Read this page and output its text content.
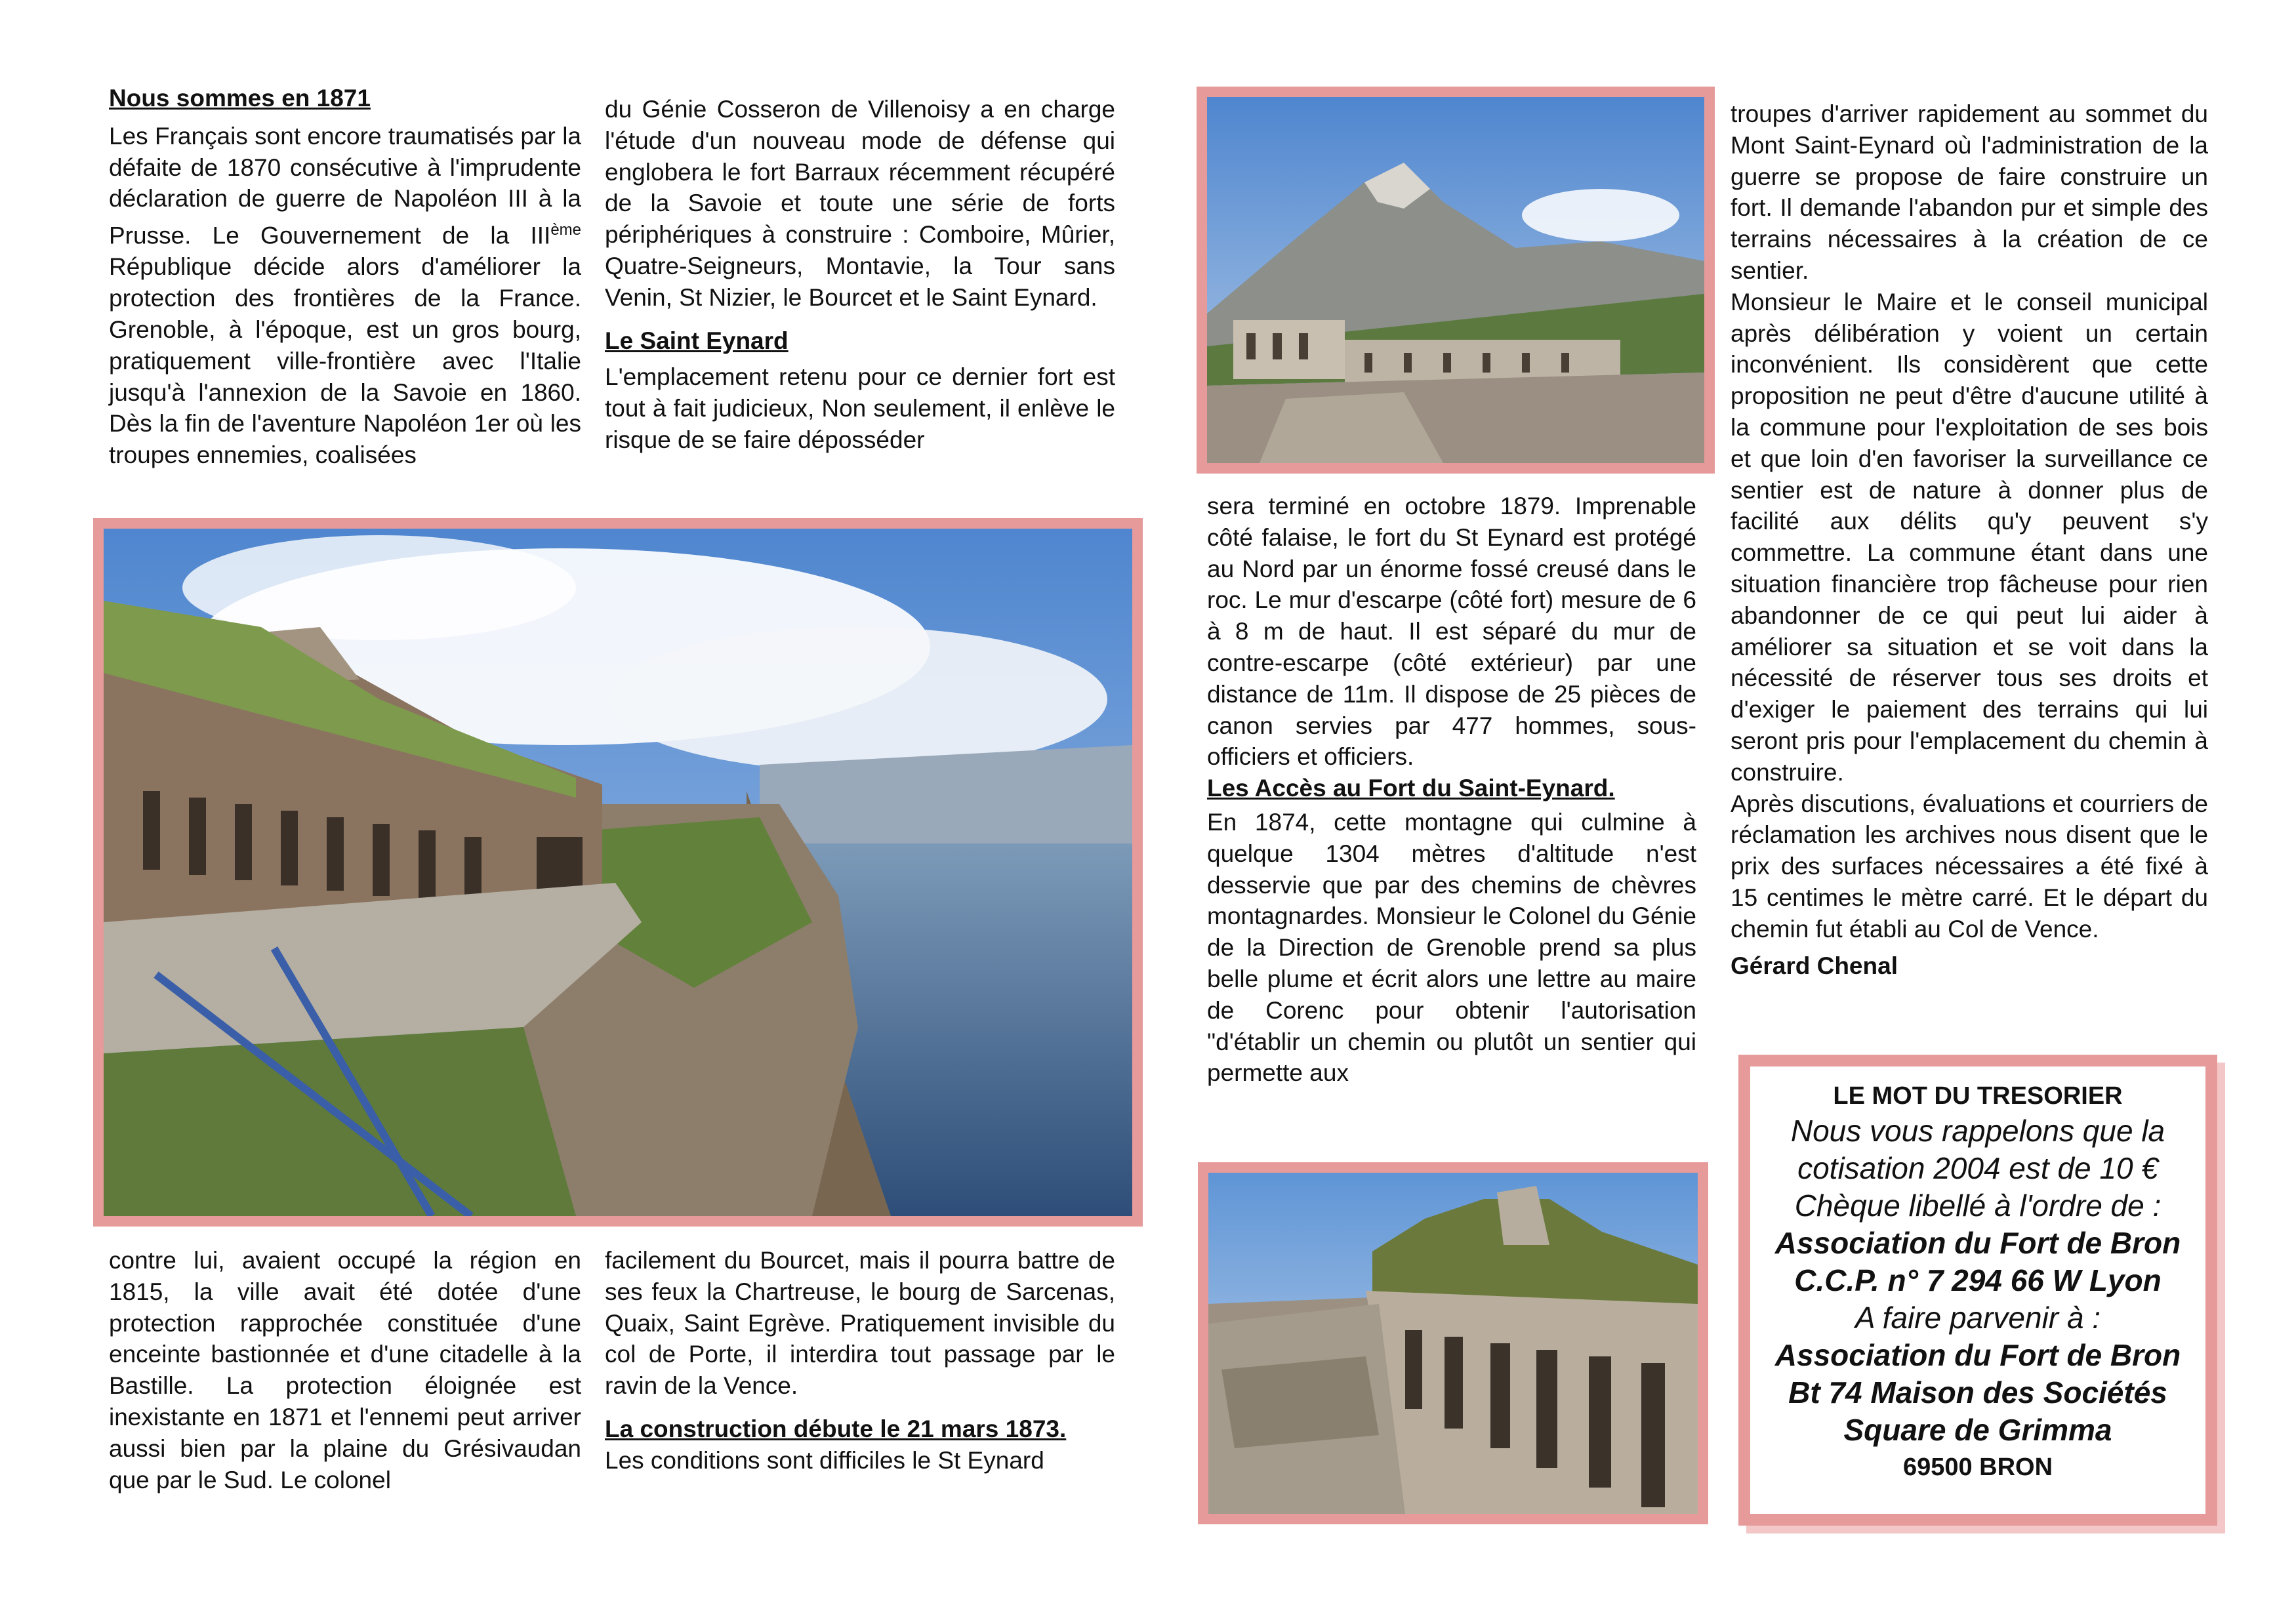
Nous sommes en 1871

Les Français sont encore traumatisés par la défaite de 1870 consécutive à l'imprudente déclaration de guerre de Napoléon III à la Prusse. Le Gouvernement de la IIIème République décide alors d'améliorer la protection des frontières de la France. Grenoble, à l'époque, est un gros bourg, pratiquement ville-frontière avec l'Italie jusqu'à l'annexion de la Savoie en 1860. Dès la fin de l'aventure Napoléon 1er où les troupes ennemies, coalisées

du Génie Cosseron de Villenoisy a en charge l'étude d'un nouveau mode de défense qui englobera le fort Barraux récemment récupéré de la Savoie et toute une série de forts périphériques à construire : Comboire, Mûrier, Quatre-Seigneurs, Montavie, la Tour sans Venin, St Nizier, le Bourcet et le Saint Eynard.

Le Saint Eynard

L'emplacement retenu pour ce dernier fort est tout à fait judicieux, Non seulement, il enlève le risque de se faire déposséder

contre lui, avaient occupé la région en 1815, la ville avait été dotée d'une protection rapprochée constituée d'une enceinte bastionnée et d'une citadelle à la Bastille. La protection éloignée est inexistante en 1871 et l'ennemi peut arriver aussi bien par la plaine du Grésivaudan que par le Sud. Le colonel

facilement du Bourcet, mais il pourra battre de ses feux la Chartreuse, le bourg de Sarcenas, Quaix, Saint Egrève. Pratiquement invisible du col de Porte, il interdira tout passage par le ravin de la Vence.

La construction débute le 21 mars 1873.

Les conditions sont difficiles le St Eynard

sera terminé en octobre 1879. Imprenable côté falaise, le fort du St Eynard est protégé au Nord par un énorme fossé creusé dans le roc. Le mur d'escarpe (côté fort) mesure de 6 à 8 m de haut. Il est séparé du mur de contre-escarpe (côté extérieur) par une distance de 11m. Il dispose de 25 pièces de canon servies par 477 hommes, sous-officiers et officiers.

Les Accès au Fort du Saint-Eynard.

En 1874, cette montagne qui culmine à quelque 1304 mètres d'altitude n'est desservie que par des chemins de chèvres montagnardes. Monsieur le Colonel du Génie de la Direction de Grenoble prend sa plus belle plume et écrit alors une lettre au maire de Corenc pour obtenir l'autorisation "d'établir un chemin ou plutôt un sentier qui permette aux

troupes d'arriver rapidement au sommet du Mont Saint-Eynard où l'administration de la guerre se propose de faire construire un fort. Il demande l'abandon pur et simple des terrains nécessaires à la création de ce sentier.

Monsieur le Maire et le conseil municipal après délibération y voient un certain inconvénient. Ils considèrent que cette proposition ne peut d'être d'aucune utilité à la commune pour l'exploitation de ses bois et que loin d'en favoriser la surveillance ce sentier est de nature à donner plus de facilité aux délits qu'y peuvent s'y commettre. La commune étant dans une situation financière trop fâcheuse pour rien abandonner de ce qui peut lui aider à améliorer sa situation et se voit dans la nécessité de réserver tous ses droits et d'exiger le paiement des terrains qui lui seront pris pour l'emplacement du chemin à construire.

Après discutions, évaluations et courriers de réclamation les archives nous disent que le prix des surfaces nécessaires a été fixé à 15 centimes le mètre carré. Et le départ du chemin fut établi au Col de Vence.

Gérard Chenal

LE MOT DU TRESORIER
Nous vous rappelons que la
cotisation 2004 est de 10 €
Chèque libellé à l'ordre de :
Association du Fort de Bron
C.C.P. n° 7 294 66 W Lyon
A faire parvenir à :
Association du Fort de Bron
Bt 74 Maison des Sociétés
Square de Grimma
69500 BRON
